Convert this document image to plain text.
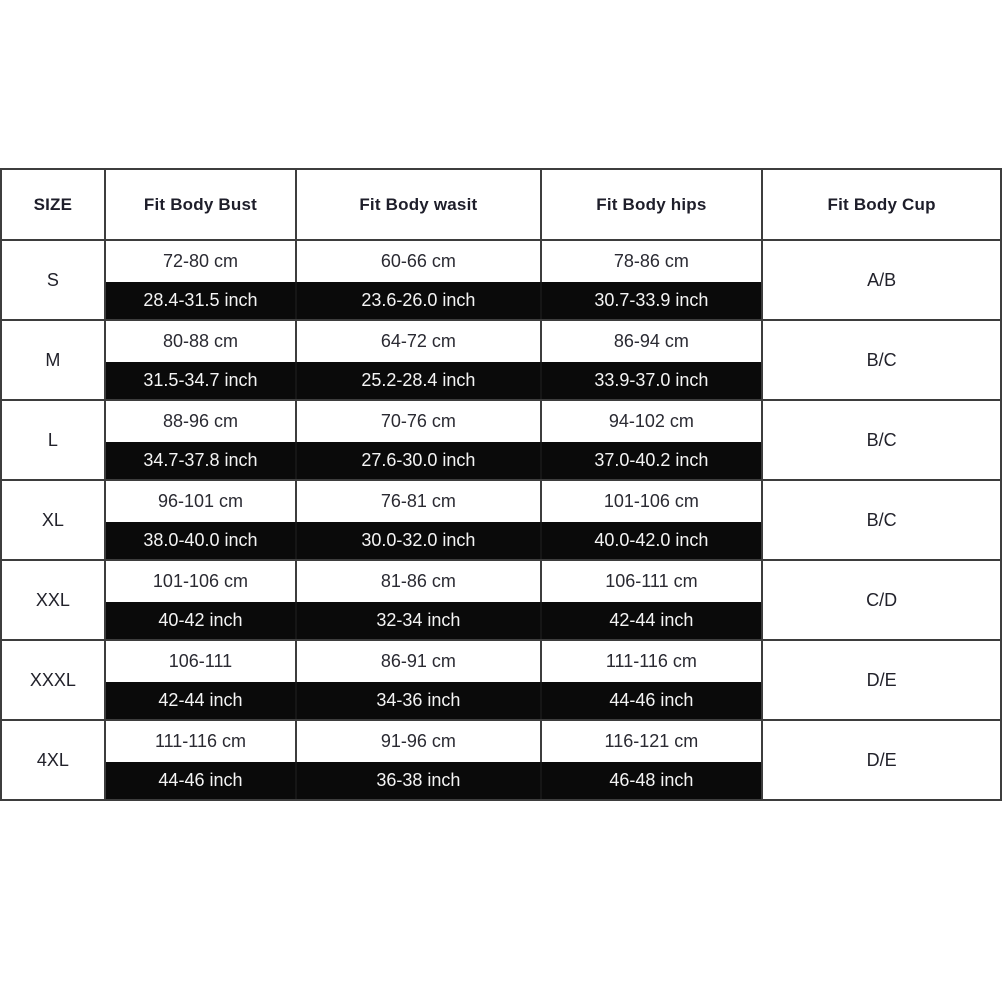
SIZE	Fit Body Bust	Fit Body wasit	Fit Body hips	Fit Body Cup
S	72-80 cm	60-66 cm	78-86 cm	A/B
	28.4-31.5 inch	23.6-26.0 inch	30.7-33.9 inch	
M	80-88 cm	64-72 cm	86-94 cm	B/C
	31.5-34.7 inch	25.2-28.4 inch	33.9-37.0 inch	
L	88-96 cm	70-76 cm	94-102 cm	B/C
	34.7-37.8 inch	27.6-30.0 inch	37.0-40.2 inch	
XL	96-101 cm	76-81 cm	101-106 cm	B/C
	38.0-40.0 inch	30.0-32.0 inch	40.0-42.0 inch	
XXL	101-106 cm	81-86 cm	106-111 cm	C/D
	40-42 inch	32-34 inch	42-44 inch	
XXXL	106-111	86-91 cm	111-116 cm	D/E
	42-44 inch	34-36 inch	44-46 inch	
4XL	111-116 cm	91-96 cm	116-121 cm	D/E
	44-46 inch	36-38 inch	46-48 inch	
